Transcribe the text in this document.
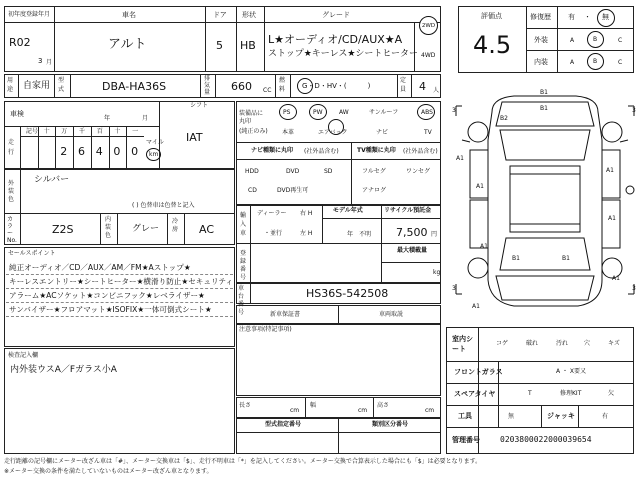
初年度登録年月
R02
3 月
車名
アルト
ドア
5
形状
HB
グレード
L★オーディオ/CD/AUX★A
ストップ★キーレス★シートヒーター
2WD
4WD
評価点
4.5
修復歴 有 ・ 無
外装	A	B	C
内装	A	B	C
用途 自家用
型式	DBA-HA36S
排気量 660 CC
燃料 G・D・HV・(　　　)
定員 4 人
車検
年	月
シフト
IAT
走行
記号 十 万 千 百 十 一
2 6 4 0 0
マイル
km
外装色
シルバー
( ) 色替車は色替と記入
カラーNo.
Z2S
内装色
グレー
冷房 AC
装備品に丸印
(純正のみ)
PS	PW	AW	サンルーフ	ABS
本革	エアバック	ナビ	TV
ナビ種類に丸印 (社外品含む)
HDD	DVD	SD
CD	DVD再生可
TV種類に丸印 (社外品含む)
フルセグ	ワンセグ
アナログ
輸入車
ディーラー
・並行
右 H
左 H
モデル年式
年　不明
リサイクル預託金
7,500 円
登録番号
最大積載量
kg
セールスポイント
純正オーディオ／CD／AUX／AM／FM★Aストップ★
キーレスエントリー★シートヒーター★横滑り防止★セキュリティ
アラーム★ACソケット★コンビニフック★レベライザー★
サンバイザー★フロアマット★ISOFIX★一体可倒式シート★
車台番号
HS36S-542508
新車保証書	車両取説
注意事項(特記事項)
検査記入欄
内外装ウスA／Fガラス小A
長さ
cm
幅
cm
高さ
cm
型式指定番号	類別区分番号
B1
B1
A1
A1
A1
A1
B2
A1
A1
A1
B1	B1
3	3
3	3
室内シート
コゲ	破れ	汚れ	穴	キズ
フロントガラス	A ・ X要又
スペアタイヤ	T	修理KIT	欠
工具	無	ジャッキ	有
管理番号	0203800022000039654
走行距離の記号欄にメーター改ざん車は「#」、メーター交換車は「$」、走行不明車は「*」を記入してください。メーター交換で合算表示した場合にも「$」は必要となります。
※メーター交換の条件を満たしていないものはメーター改ざん車となります。
